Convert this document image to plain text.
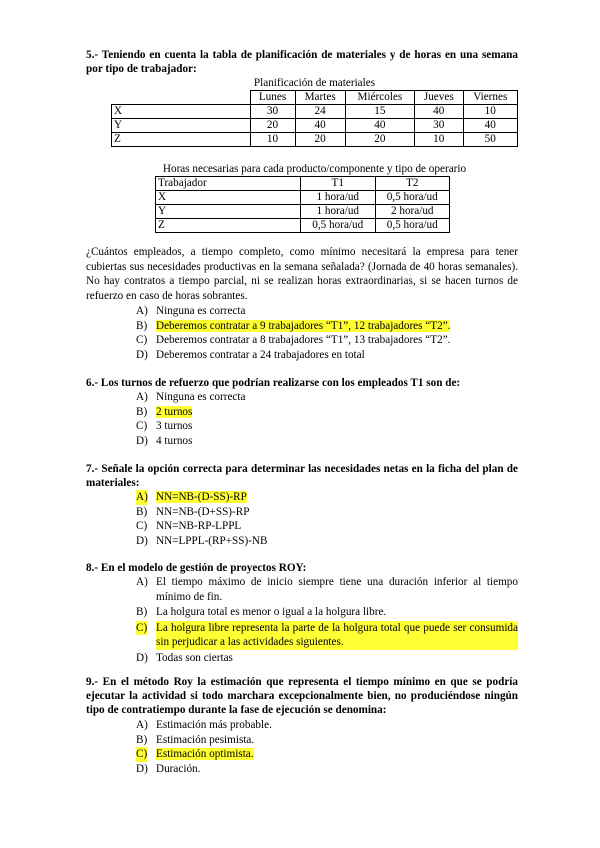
5.- Teniendo en cuenta la tabla de planificación de materiales y de horas en una semana por tipo de trabajador:
Planificación de materiales
	Lunes	Martes	Miércoles	Jueves	Viernes
X	30	24	15	40	10
Y	20	40	40	30	40
Z	10	20	20	10	50
Horas necesarias para cada producto/componente y tipo de operario
Trabajador	T1	T2
X	1 hora/ud	0,5 hora/ud
Y	1 hora/ud	2 hora/ud
Z	0,5 hora/ud	0,5 hora/ud
¿Cuántos empleados, a tiempo completo, como mínimo necesitará la empresa para tener cubiertas sus necesidades productivas en la semana señalada? (Jornada de 40 horas semanales). No hay contratos a tiempo parcial, ni se realizan horas extraordinarias, si se hacen turnos de refuerzo en caso de horas sobrantes.
A) Ninguna es correcta
B) Deberemos contratar a 9 trabajadores “T1”, 12 trabajadores “T2”.
C) Deberemos contratar a 8 trabajadores “T1”, 13 trabajadores “T2”.
D) Deberemos contratar a 24 trabajadores en total
6.- Los turnos de refuerzo que podrían realizarse con los empleados T1 son de:
A) Ninguna es correcta
B) 2 turnos
C) 3 turnos
D) 4 turnos
7.- Señale la opción correcta para determinar las necesidades netas en la ficha del plan de materiales:
A) NN=NB-(D-SS)-RP
B) NN=NB-(D+SS)-RP
C) NN=NB-RP-LPPL
D) NN=LPPL-(RP+SS)-NB
8.- En el modelo de gestión de proyectos ROY:
A) El tiempo máximo de inicio siempre tiene una duración inferior al tiempo mínimo de fin.
B) La holgura total es menor o igual a la holgura libre.
C) La holgura libre representa la parte de la holgura total que puede ser consumida sin perjudicar a las actividades siguientes.
D) Todas son ciertas
9.- En el método Roy la estimación que representa el tiempo mínimo en que se podría ejecutar la actividad si todo marchara excepcionalmente bien, no produciéndose ningún tipo de contratiempo durante la fase de ejecución se denomina:
A) Estimación más probable.
B) Estimación pesimista.
C) Estimación optimista.
D) Duración.
